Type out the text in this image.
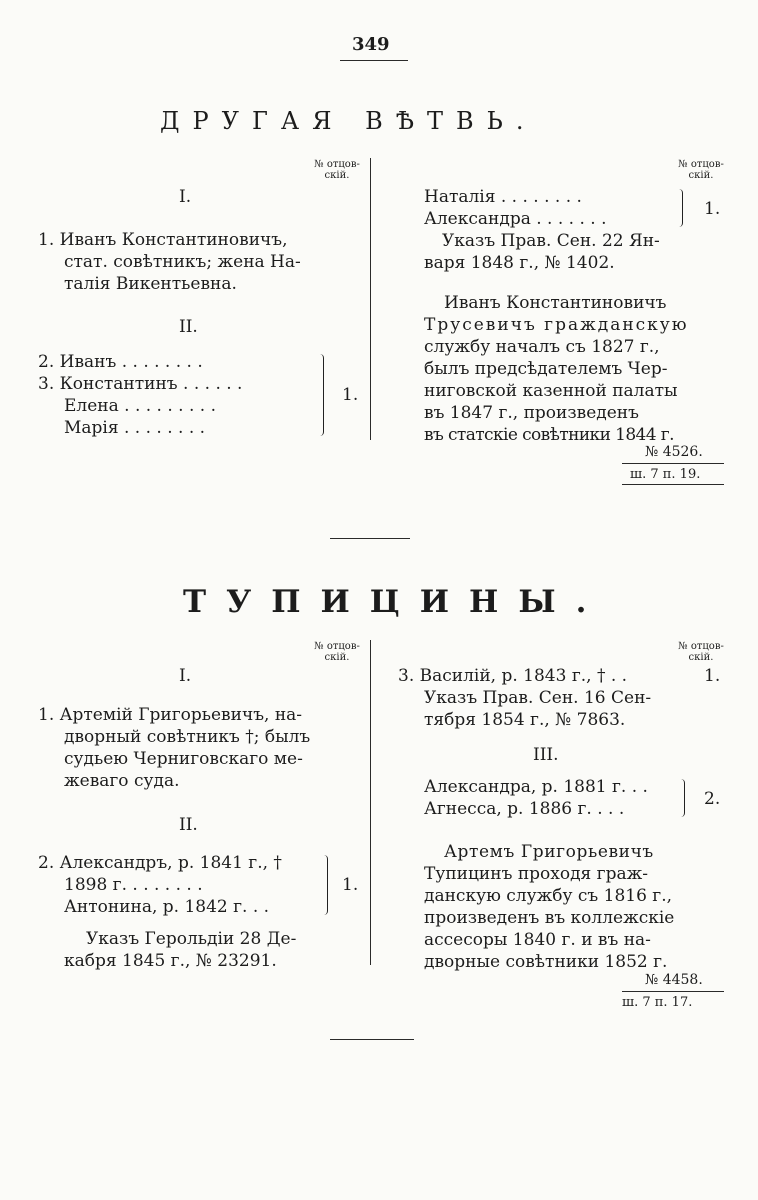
349
ДРУГАЯ ВѢТВЬ.
№ отцов-
скій.
№ отцов-
скій.
I.
1. Иванъ Константиновичъ,
стат. совѣтникъ; жена На-
талія Викентьевна.
II.
2. Иванъ . . . . . . . .
3. Константинъ . . . . . .
Елена . . . . . . . . .
Марія . . . . . . . .
1.
Наталія . . . . . . . .
Александра . . . . . . .	1.
Указъ Прав. Сен. 22 Ян-
варя 1848 г., № 1402.
Иванъ Константиновичъ
Трусевичъ гражданскую
службу началъ съ 1827 г.,
былъ предсѣдателемъ Чер-
ниговской казенной палаты
въ 1847 г., произведенъ
въ статскіе совѣтники 1844 г.
№ 4526.
ш. 7 п. 19.
ТУПИЦИНЫ.
№ отцов-
скій.
№ отцов-
скій.
I.
1. Артемій Григорьевичъ, на-
дворный совѣтникъ †; былъ
судьею Черниговскаго ме-
жеваго суда.
II.
2. Александръ, р. 1841 г., †
1898 г. . . . . . . .
Антонина, р. 1842 г. . .
1.
Указъ Герольдіи 28 Де-
кабря 1845 г., № 23291.
3. Василій, р. 1843 г., † . .	1.
Указъ Прав. Сен. 16 Сен-
тября 1854 г., № 7863.
III.
Александра, р. 1881 г. . .
Агнесса, р. 1886 г. . . .	2.
Артемъ Григорьевичъ
Тупицинъ проходя граж-
данскую службу съ 1816 г.,
произведенъ въ коллежскіе
ассесоры 1840 г. и въ на-
дворные совѣтники 1852 г.
№ 4458.
ш. 7 п. 17.
